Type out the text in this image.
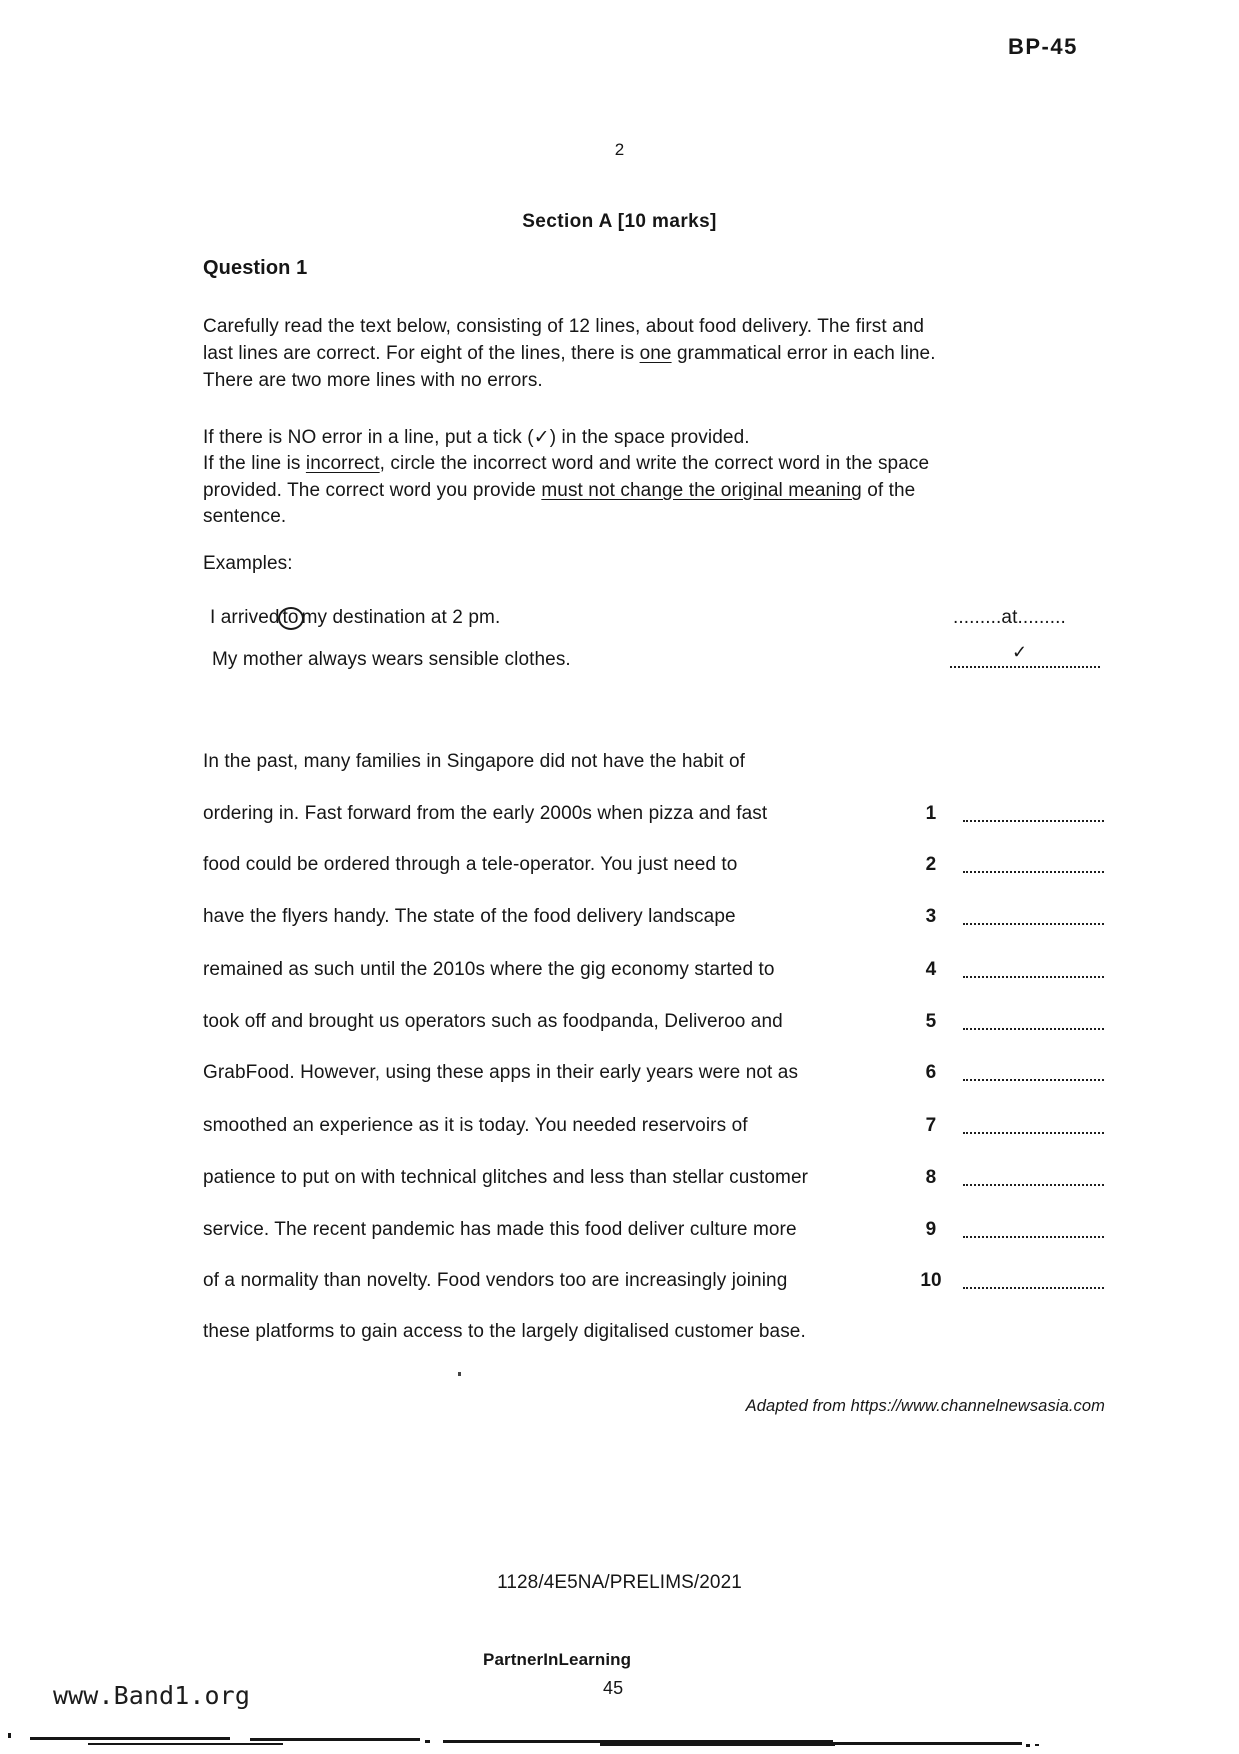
BP-45
2
Section A [10 marks]
Question 1
Carefully read the text below, consisting of 12 lines, about food delivery. The first and
last lines are correct. For eight of the lines, there is one grammatical error in each line.
There are two more lines with no errors.
If there is NO error in a line, put a tick (✓) in the space provided.
If the line is incorrect, circle the incorrect word and write the correct word in the space
provided. The correct word you provide must not change the original meaning of the
sentence.
Examples:
I arrived to my destination at 2 pm.	.........at.........
My mother always wears sensible clothes.	✓
In the past, many families in Singapore did not have the habit of
ordering in. Fast forward from the early 2000s when pizza and fast	1
food could be ordered through a tele-operator. You just need to	2
have the flyers handy. The state of the food delivery landscape	3
remained as such until the 2010s where the gig economy started to	4
took off and brought us operators such as foodpanda, Deliveroo and	5
GrabFood. However, using these apps in their early years were not as	6
smoothed an experience as it is today. You needed reservoirs of	7
patience to put on with technical glitches and less than stellar customer	8
service. The recent pandemic has made this food deliver culture more	9
of a normality than novelty. Food vendors too are increasingly joining	10
these platforms to gain access to the largely digitalised customer base.
Adapted from https://www.channelnewsasia.com
1128/4E5NA/PRELIMS/2021
PartnerInLearning
45
www.Band1.org
